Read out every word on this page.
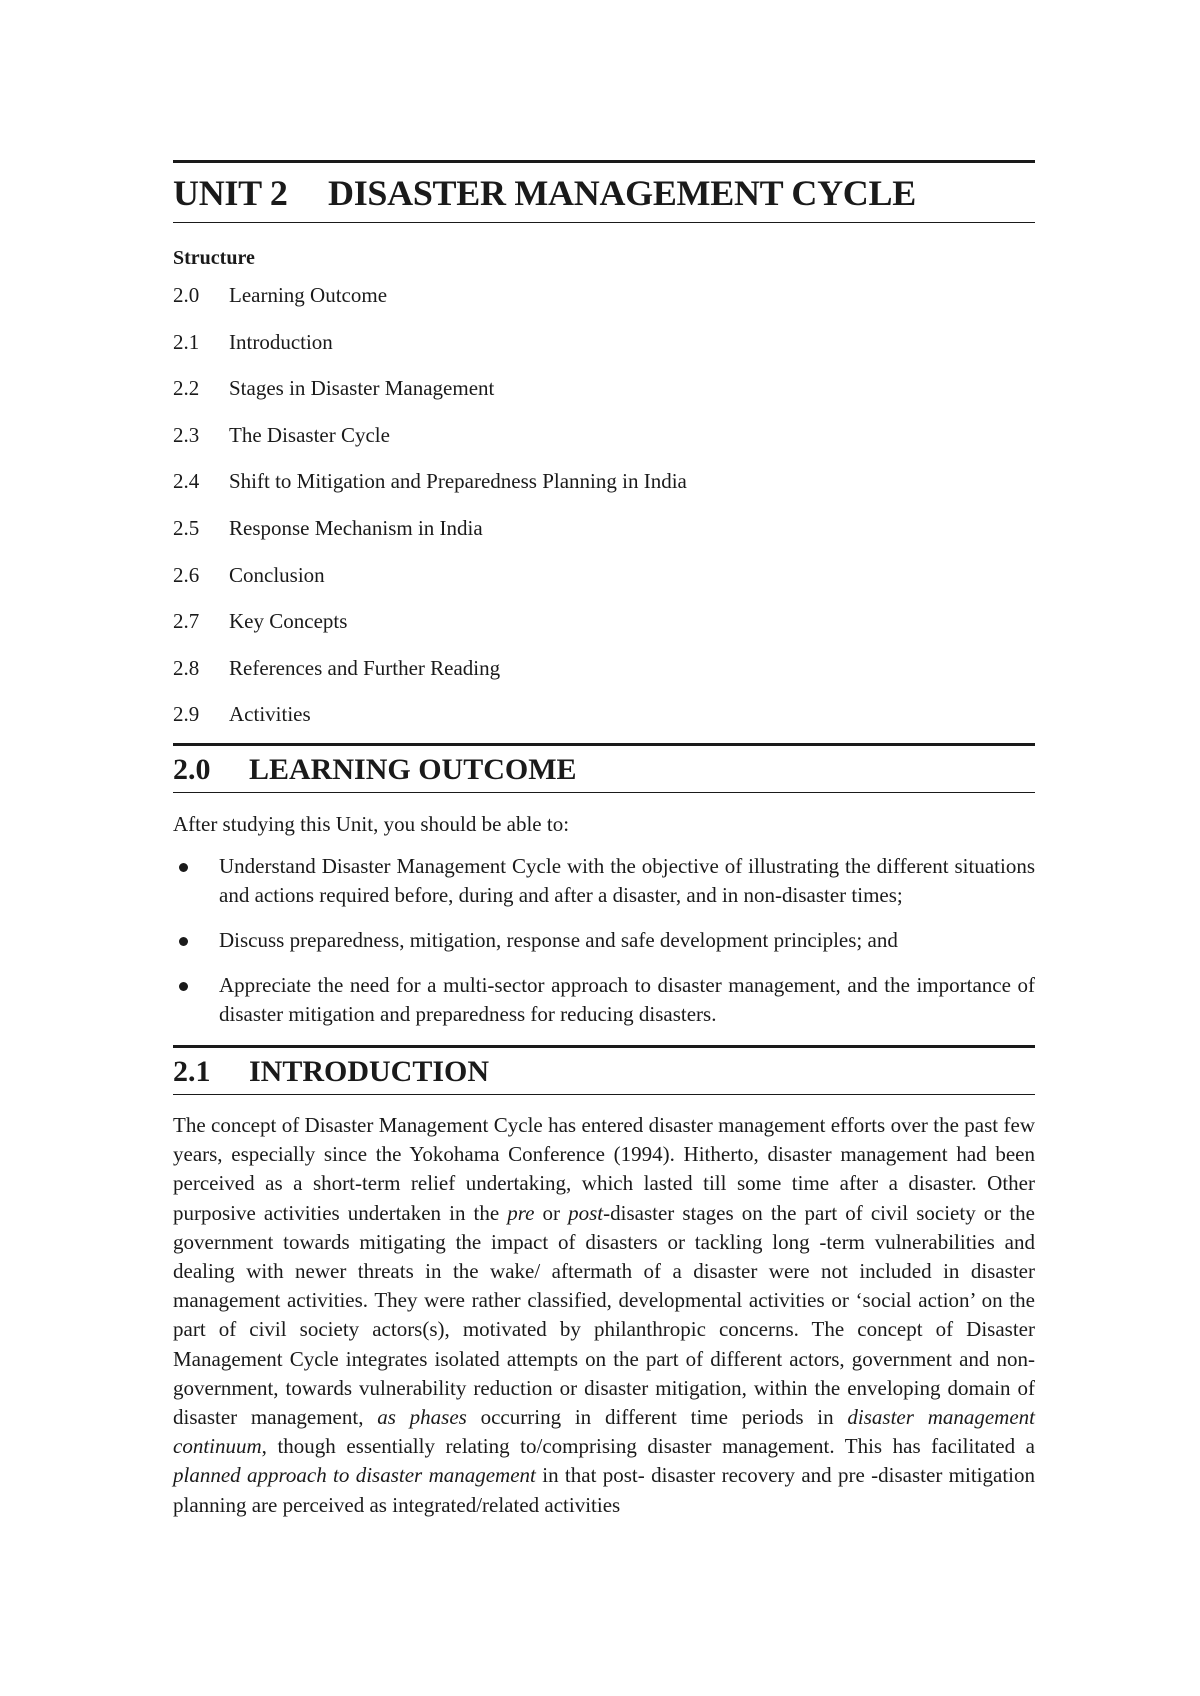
UNIT 2 DISASTER MANAGEMENT CYCLE
Structure
2.0 Learning Outcome
2.1 Introduction
2.2 Stages in Disaster Management
2.3 The Disaster Cycle
2.4 Shift to Mitigation and Preparedness Planning in India
2.5 Response Mechanism in India
2.6 Conclusion
2.7 Key Concepts
2.8 References and Further Reading
2.9 Activities
2.0 LEARNING OUTCOME

After studying this Unit, you should be able to:

Understand Disaster Management Cycle with the objective of illustrating the different situations and actions required before, during and after a disaster, and in non-disaster times;
Discuss preparedness, mitigation, response and safe development principles; and
Appreciate the need for a multi-sector approach to disaster management, and the importance of disaster mitigation and preparedness for reducing disasters.
2.1 INTRODUCTION

The concept of Disaster Management Cycle has entered disaster management efforts over the past few years, especially since the Yokohama Conference (1994). Hitherto, disaster management had been perceived as a short-term relief undertaking, which lasted till some time after a disaster. Other purposive activities undertaken in the pre or post-disaster stages on the part of civil society or the government towards mitigating the impact of disasters or tackling long -term vulnerabilities and dealing with newer threats in the wake/ aftermath of a disaster were not included in disaster management activities. They were rather classified, developmental activities or ‘social action’ on the part of civil society actors(s), motivated by philanthropic concerns. The concept of Disaster Management Cycle integrates isolated attempts on the part of different actors, government and non-government, towards vulnerability reduction or disaster mitigation, within the enveloping domain of disaster management, as phases occurring in different time periods in disaster management continuum, though essentially relating to/comprising disaster management. This has facilitated a planned approach to disaster management in that post- disaster recovery and pre -disaster mitigation planning are perceived as integrated/related activities
